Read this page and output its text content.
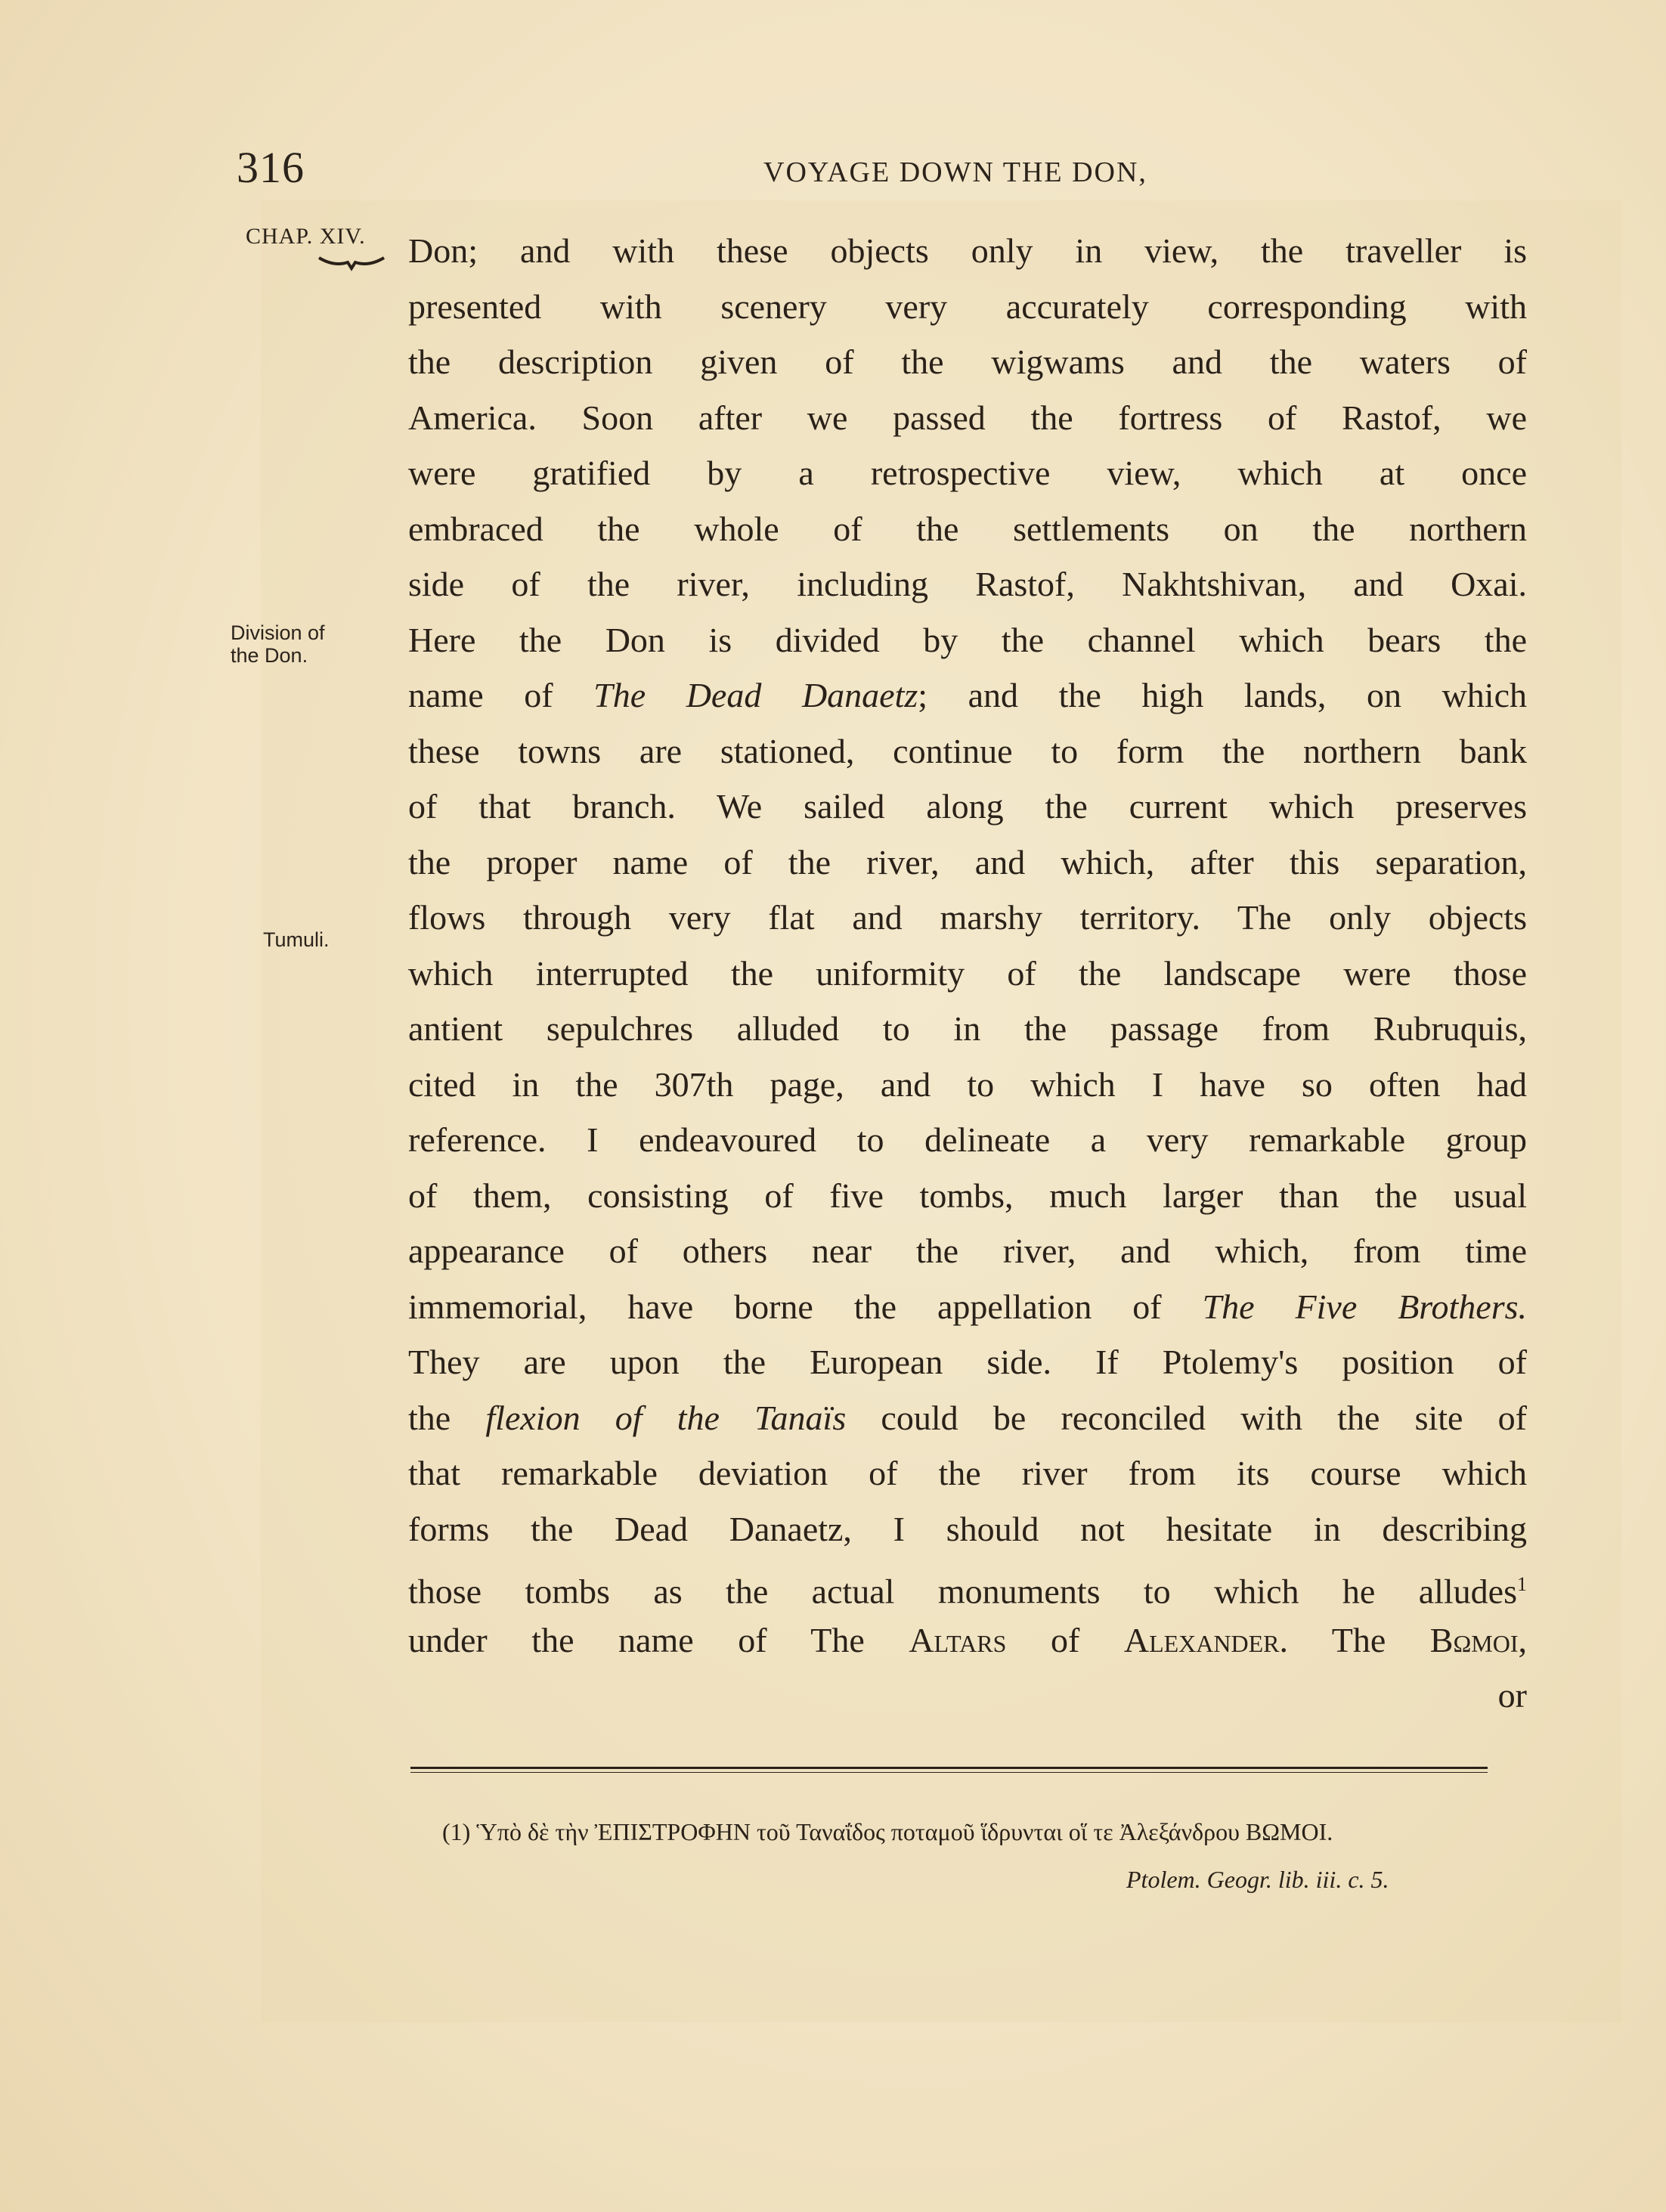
316	VOYAGE DOWN THE DON,
CHAP. XIV.
Division of
the Don.
Tumuli.
Don; and with these objects only in view, the traveller is
presented with scenery very accurately corresponding with
the description given of the wigwams and the waters of
America. Soon after we passed the fortress of Rastof, we
were gratified by a retrospective view, which at once
embraced the whole of the settlements on the northern
side of the river, including Rastof, Nakhtshivan, and Oxai.
Here the Don is divided by the channel which bears the
name of The Dead Danaetz; and the high lands, on which
these towns are stationed, continue to form the northern bank
of that branch. We sailed along the current which preserves
the proper name of the river, and which, after this separation,
flows through very flat and marshy territory. The only objects
which interrupted the uniformity of the landscape were those
antient sepulchres alluded to in the passage from Rubruquis,
cited in the 307th page, and to which I have so often had
reference. I endeavoured to delineate a very remarkable group
of them, consisting of five tombs, much larger than the usual
appearance of others near the river, and which, from time
immemorial, have borne the appellation of The Five Brothers.
They are upon the European side. If Ptolemy's position of
the flexion of the Tanaïs could be reconciled with the site of
that remarkable deviation of the river from its course which
forms the Dead Danaetz, I should not hesitate in describing
those tombs as the actual monuments to which he alludes$^1$
under the name of The Altars of Alexander. The Βωμοι,
or
(1) Ὑπὸ δὲ τὴν ἘΠΙΣΤΡΟΦΗΝ τοῦ Ταναΐδος ποταμοῦ ἵδρυνται οἵ τε Ἀλεξάνδρου ΒΩΜΟΙ.
Ptolem. Geogr. lib. iii. c. 5.
